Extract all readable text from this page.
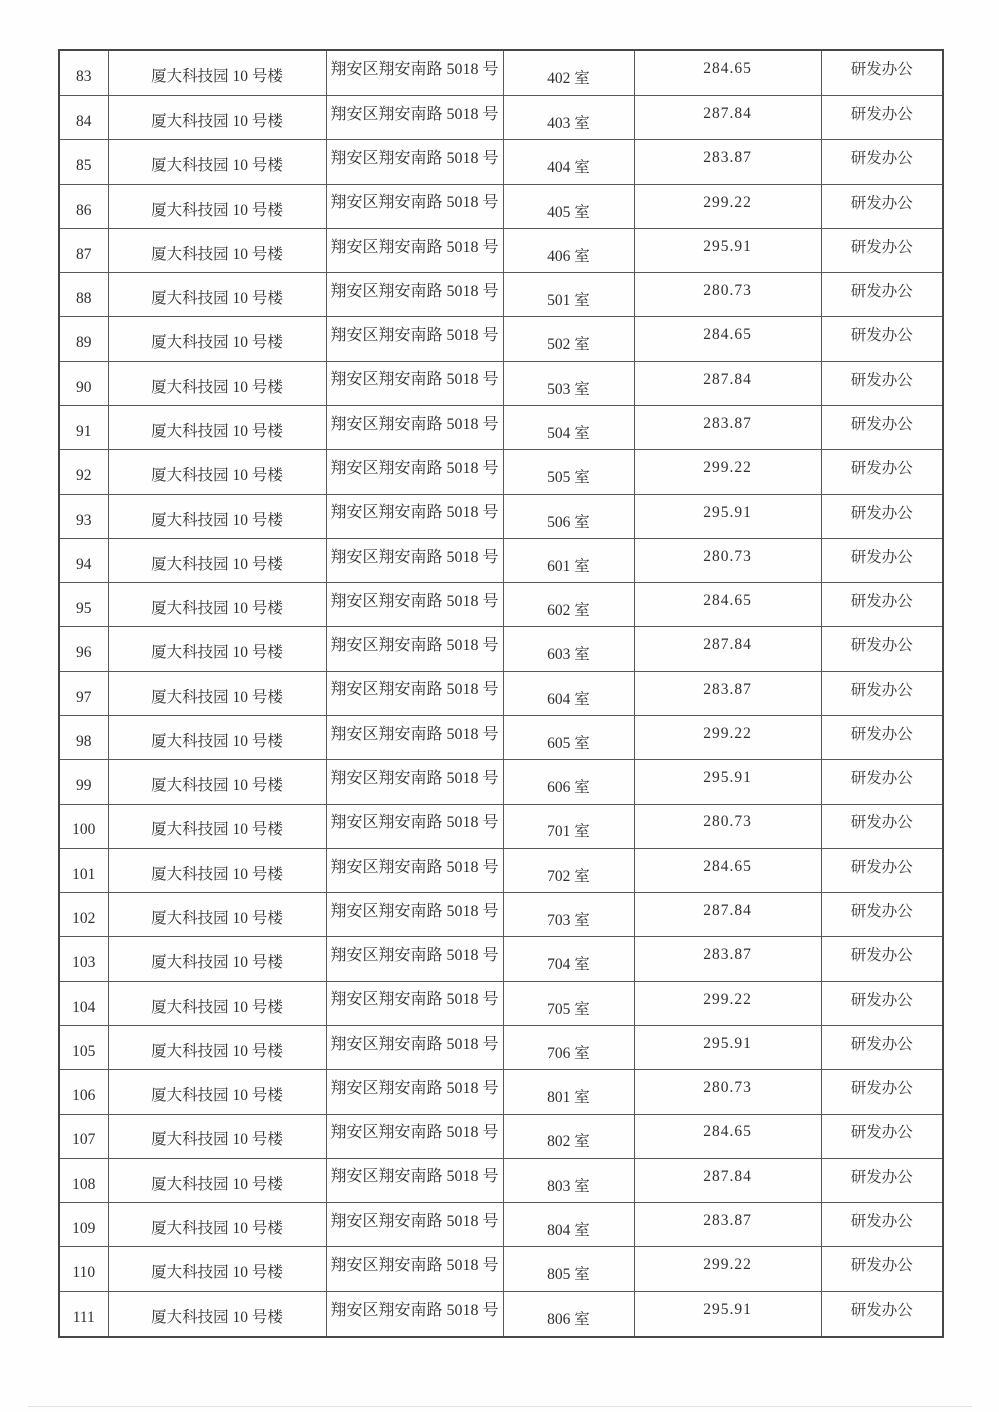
83	厦大科技园 10 号楼	翔安区翔安南路 5018 号	402 室	284.65	研发办公
84	厦大科技园 10 号楼	翔安区翔安南路 5018 号	403 室	287.84	研发办公
85	厦大科技园 10 号楼	翔安区翔安南路 5018 号	404 室	283.87	研发办公
86	厦大科技园 10 号楼	翔安区翔安南路 5018 号	405 室	299.22	研发办公
87	厦大科技园 10 号楼	翔安区翔安南路 5018 号	406 室	295.91	研发办公
88	厦大科技园 10 号楼	翔安区翔安南路 5018 号	501 室	280.73	研发办公
89	厦大科技园 10 号楼	翔安区翔安南路 5018 号	502 室	284.65	研发办公
90	厦大科技园 10 号楼	翔安区翔安南路 5018 号	503 室	287.84	研发办公
91	厦大科技园 10 号楼	翔安区翔安南路 5018 号	504 室	283.87	研发办公
92	厦大科技园 10 号楼	翔安区翔安南路 5018 号	505 室	299.22	研发办公
93	厦大科技园 10 号楼	翔安区翔安南路 5018 号	506 室	295.91	研发办公
94	厦大科技园 10 号楼	翔安区翔安南路 5018 号	601 室	280.73	研发办公
95	厦大科技园 10 号楼	翔安区翔安南路 5018 号	602 室	284.65	研发办公
96	厦大科技园 10 号楼	翔安区翔安南路 5018 号	603 室	287.84	研发办公
97	厦大科技园 10 号楼	翔安区翔安南路 5018 号	604 室	283.87	研发办公
98	厦大科技园 10 号楼	翔安区翔安南路 5018 号	605 室	299.22	研发办公
99	厦大科技园 10 号楼	翔安区翔安南路 5018 号	606 室	295.91	研发办公
100	厦大科技园 10 号楼	翔安区翔安南路 5018 号	701 室	280.73	研发办公
101	厦大科技园 10 号楼	翔安区翔安南路 5018 号	702 室	284.65	研发办公
102	厦大科技园 10 号楼	翔安区翔安南路 5018 号	703 室	287.84	研发办公
103	厦大科技园 10 号楼	翔安区翔安南路 5018 号	704 室	283.87	研发办公
104	厦大科技园 10 号楼	翔安区翔安南路 5018 号	705 室	299.22	研发办公
105	厦大科技园 10 号楼	翔安区翔安南路 5018 号	706 室	295.91	研发办公
106	厦大科技园 10 号楼	翔安区翔安南路 5018 号	801 室	280.73	研发办公
107	厦大科技园 10 号楼	翔安区翔安南路 5018 号	802 室	284.65	研发办公
108	厦大科技园 10 号楼	翔安区翔安南路 5018 号	803 室	287.84	研发办公
109	厦大科技园 10 号楼	翔安区翔安南路 5018 号	804 室	283.87	研发办公
110	厦大科技园 10 号楼	翔安区翔安南路 5018 号	805 室	299.22	研发办公
111	厦大科技园 10 号楼	翔安区翔安南路 5018 号	806 室	295.91	研发办公
